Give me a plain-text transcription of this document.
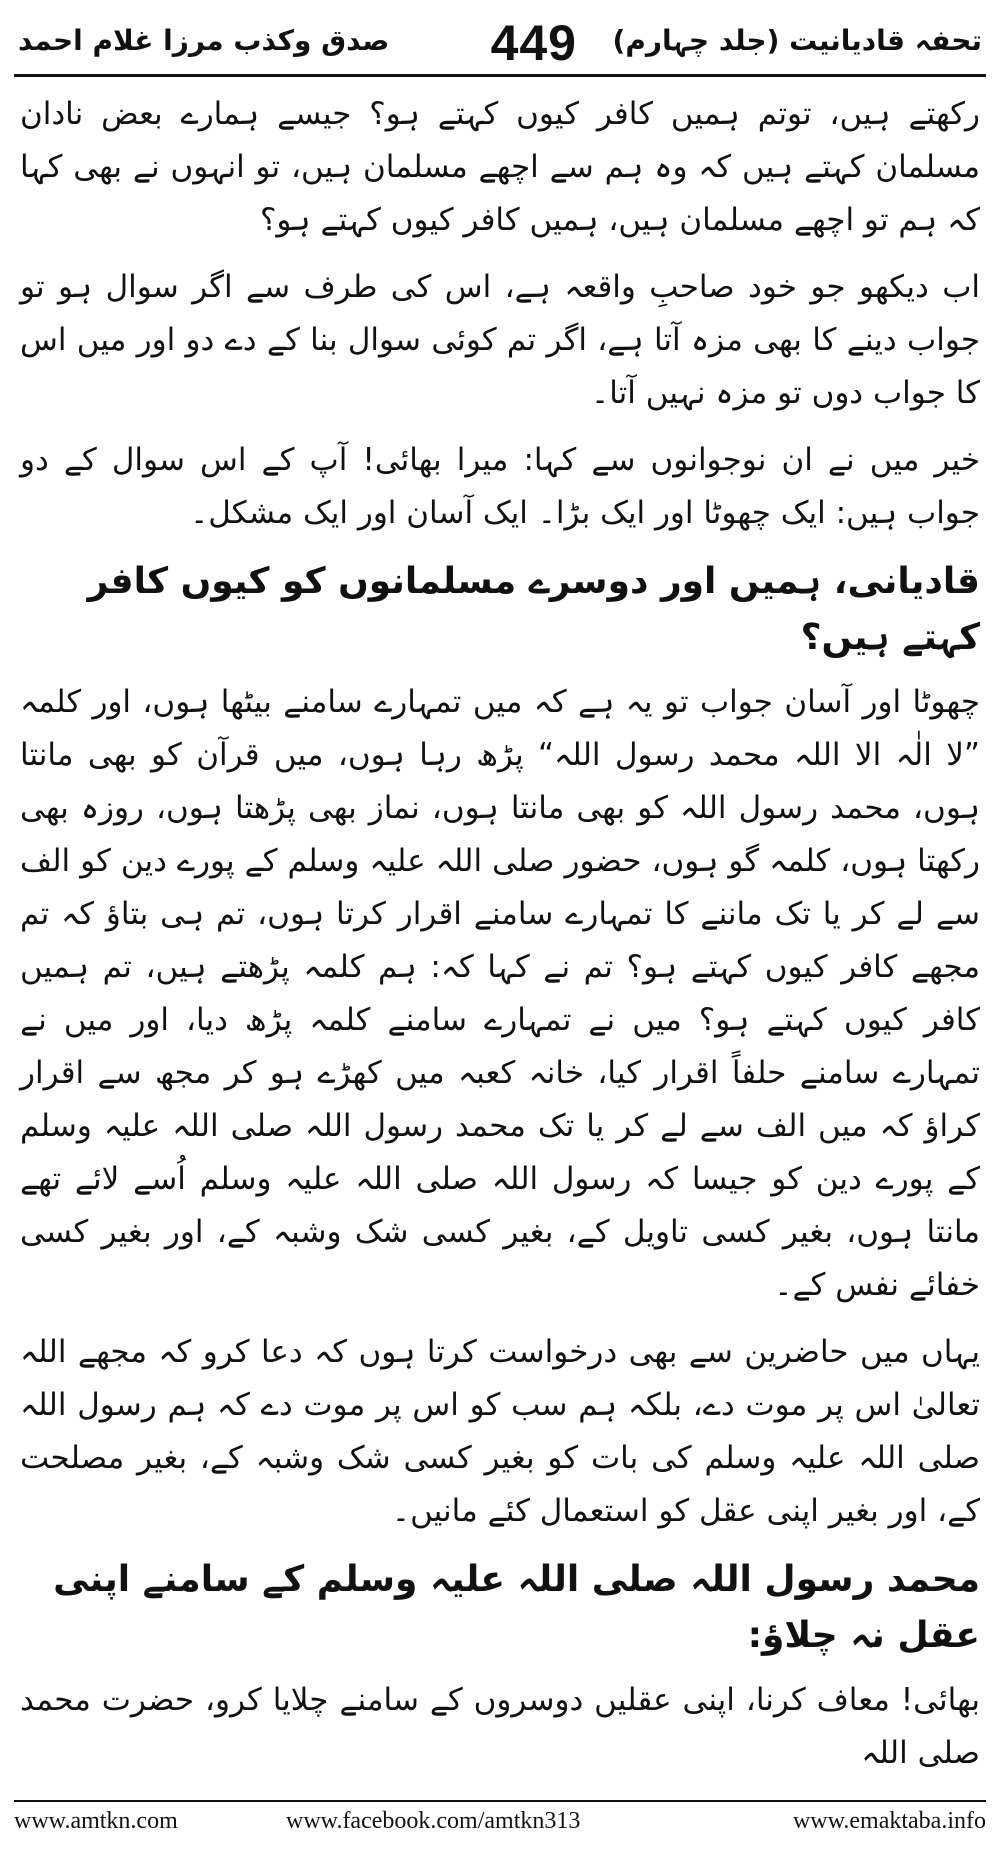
تحفہ قادیانیت (جلد چہارم)
449
صدق وکذب مرزا غلام احمد

رکھتے ہیں، توتم ہمیں کافر کیوں کہتے ہو؟ جیسے ہمارے بعض نادان مسلمان کہتے ہیں کہ وہ ہم سے اچھے مسلمان ہیں، تو انہوں نے بھی کہا کہ ہم تو اچھے مسلمان ہیں، ہمیں کافر کیوں کہتے ہو؟

اب دیکھو جو خود صاحبِ واقعہ ہے، اس کی طرف سے اگر سوال ہو تو جواب دینے کا بھی مزہ آتا ہے، اگر تم کوئی سوال بنا کے دے دو اور میں اس کا جواب دوں تو مزہ نہیں آتا۔

خیر میں نے ان نوجوانوں سے کہا: میرا بھائی! آپ کے اس سوال کے دو جواب ہیں: ایک چھوٹا اور ایک بڑا۔ ایک آسان اور ایک مشکل۔

قادیانی، ہمیں اور دوسرے مسلمانوں کو کیوں کافر کہتے ہیں؟

چھوٹا اور آسان جواب تو یہ ہے کہ میں تمہارے سامنے بیٹھا ہوں، اور کلمہ ”لا الٰہ الا اللہ محمد رسول اللہ“ پڑھ رہا ہوں، میں قرآن کو بھی مانتا ہوں، محمد رسول اللہ کو بھی مانتا ہوں، نماز بھی پڑھتا ہوں، روزہ بھی رکھتا ہوں، کلمہ گو ہوں، حضور صلی اللہ علیہ وسلم کے پورے دین کو الف سے لے کر یا تک ماننے کا تمہارے سامنے اقرار کرتا ہوں، تم ہی بتاؤ کہ تم مجھے کافر کیوں کہتے ہو؟ تم نے کہا کہ: ہم کلمہ پڑھتے ہیں، تم ہمیں کافر کیوں کہتے ہو؟ میں نے تمہارے سامنے کلمہ پڑھ دیا، اور میں نے تمہارے سامنے حلفاً اقرار کیا، خانہ کعبہ میں کھڑے ہو کر مجھ سے اقرار کراؤ کہ میں الف سے لے کر یا تک محمد رسول اللہ صلی اللہ علیہ وسلم کے پورے دین کو جیسا کہ رسول اللہ صلی اللہ علیہ وسلم اُسے لائے تھے مانتا ہوں، بغیر کسی تاویل کے، بغیر کسی شک وشبہ کے، اور بغیر کسی خفائے نفس کے۔

یہاں میں حاضرین سے بھی درخواست کرتا ہوں کہ دعا کرو کہ مجھے اللہ تعالیٰ اس پر موت دے، بلکہ ہم سب کو اس پر موت دے کہ ہم رسول اللہ صلی اللہ علیہ وسلم کی بات کو بغیر کسی شک وشبہ کے، بغیر مصلحت کے، اور بغیر اپنی عقل کو استعمال کئے مانیں۔

محمد رسول اللہ صلی اللہ علیہ وسلم کے سامنے اپنی عقل نہ چلاؤ:

بھائی! معاف کرنا، اپنی عقلیں دوسروں کے سامنے چلایا کرو، حضرت محمد صلی اللہ

www.amtkn.com	www.facebook.com/amtkn313	www.emaktaba.info
